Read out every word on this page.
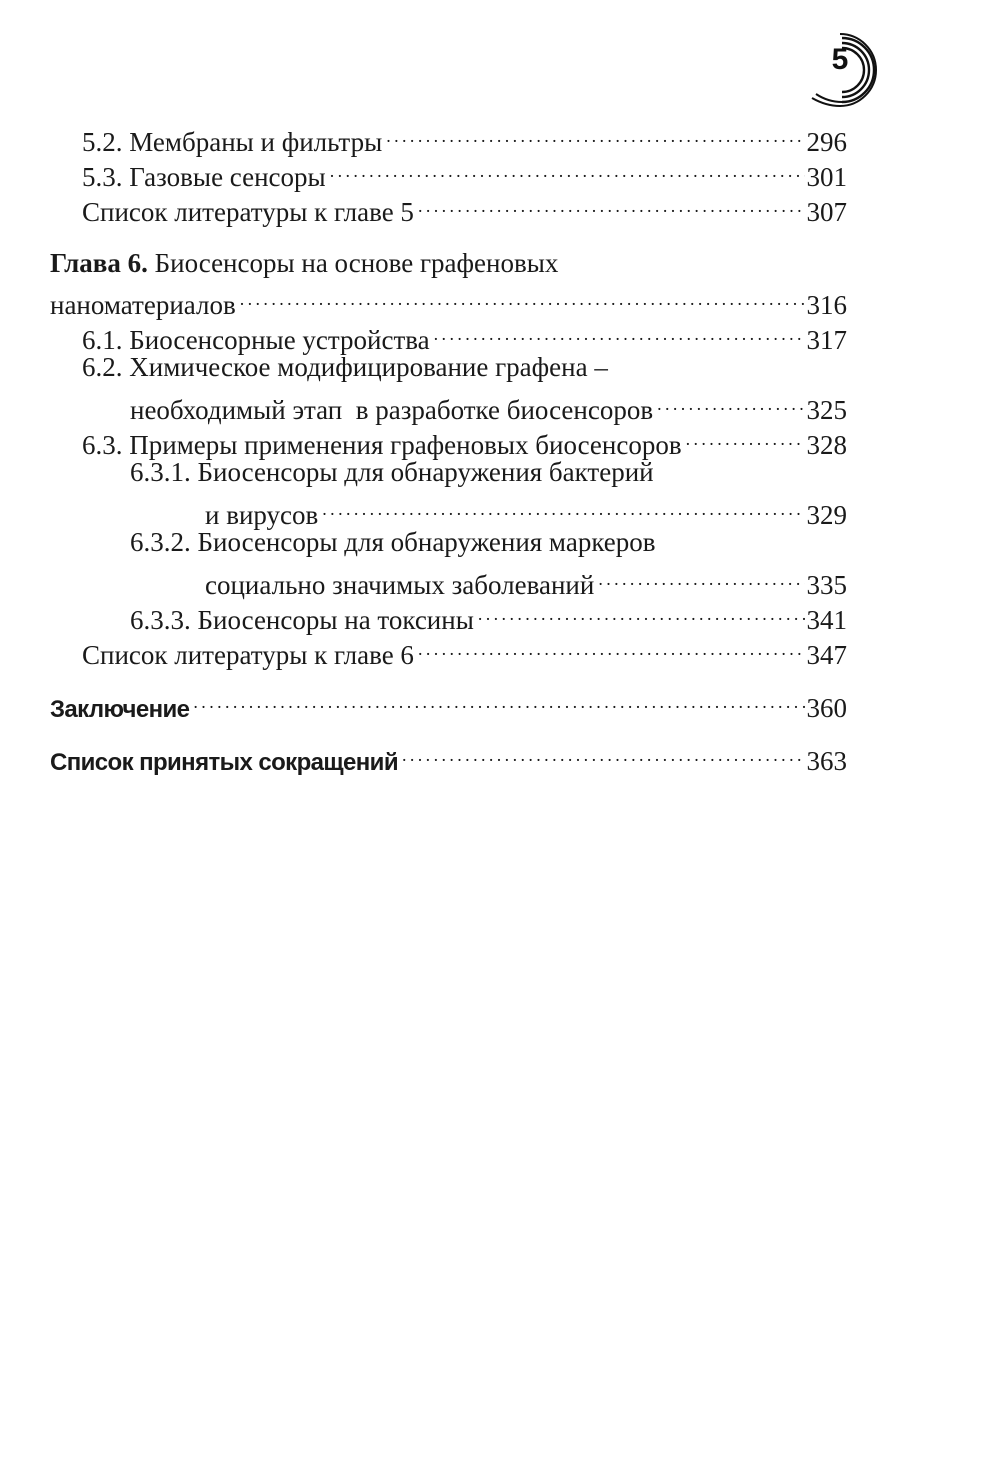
5
5.2. Мембраны и фильтры .....	296
5.3. Газовые сенсоры .....	301
Список литературы к главе 5 .....	307
Глава 6. Биосенсоры на основе графеновых
наноматериалов .....	316
6.1. Биосенсорные устройства .....	317
6.2. Химическое модифицирование графена –
необходимый этап  в разработке биосенсоров .....	325
6.3. Примеры применения графеновых биосенсоров .....	328
6.3.1. Биосенсоры для обнаружения бактерий
и вирусов .....	329
6.3.2. Биосенсоры для обнаружения маркеров
социально значимых заболеваний .....	335
6.3.3. Биосенсоры на токсины .....	341
Список литературы к главе 6 .....	347
Заключение .....	360
Список принятых сокращений .....	363
